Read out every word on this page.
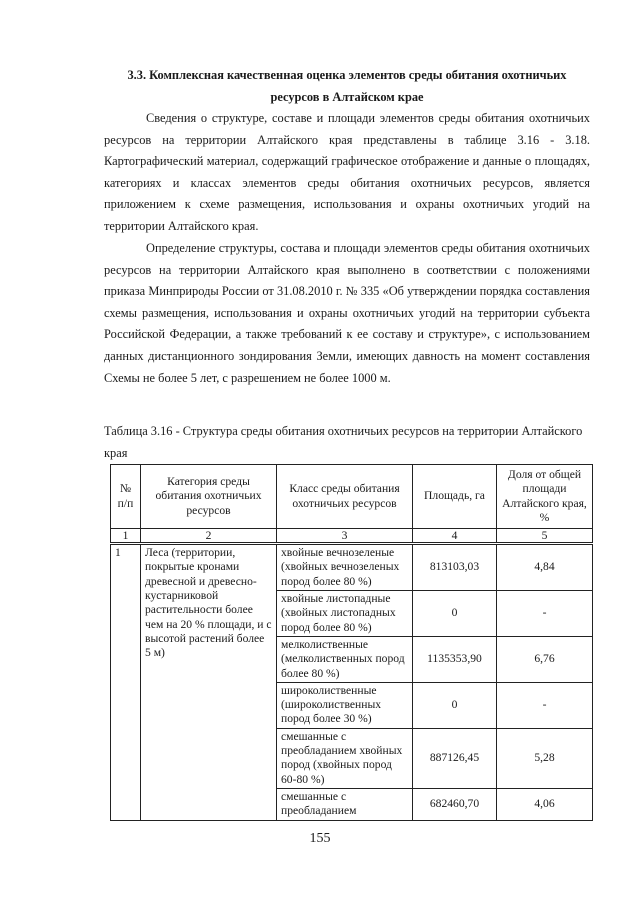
3.3. Комплексная качественная оценка элементов среды обитания охотничьих
ресурсов в Алтайском крае

Сведения о структуре, составе и площади элементов среды обитания охотничьих ресурсов на территории Алтайского края представлены в таблице 3.16 - 3.18. Картографический материал, содержащий графическое отображение и данные о площадях, категориях и классах элементов среды обитания охотничьих ресурсов, является приложением к схеме размещения, использования и охраны охотничьих угодий на территории Алтайского края.

Определение структуры, состава и площади элементов среды обитания охотничьих ресурсов на территории Алтайского края выполнено в соответствии с положениями приказа Минприроды России от 31.08.2010 г. № 335 «Об утверждении порядка составления схемы размещения, использования и охраны охотничьих угодий на территории субъекта Российской Федерации, а также требований к ее составу и структуре», с использованием данных дистанционного зондирования Земли, имеющих давность на момент составления Схемы не более 5 лет, с разрешением не более 1000 м.

Таблица 3.16 - Структура среды обитания охотничьих ресурсов на территории Алтайского края

№ п/п	Категория среды обитания охотничьих ресурсов	Класс среды обитания охотничьих ресурсов	Площадь, га	Доля от общей площади Алтайского края, %
1	2	3	4	5
1	Леса (территории, покрытые кронами древесной и древесно-кустарниковой растительности более чем на 20 % площади, и с высотой растений более 5 м)	хвойные вечнозеленые (хвойных вечнозеленых пород более 80 %)	813103,03	4,84
		хвойные листопадные (хвойных листопадных пород более 80 %)	0	-
		мелколиственные (мелколиственных пород более 80 %)	1135353,90	6,76
		широколиственные (широколиственных пород более 30 %)	0	-
		смешанные с преобладанием хвойных пород (хвойных пород 60-80 %)	887126,45	5,28
		смешанные с преобладанием	682460,70	4,06

155
